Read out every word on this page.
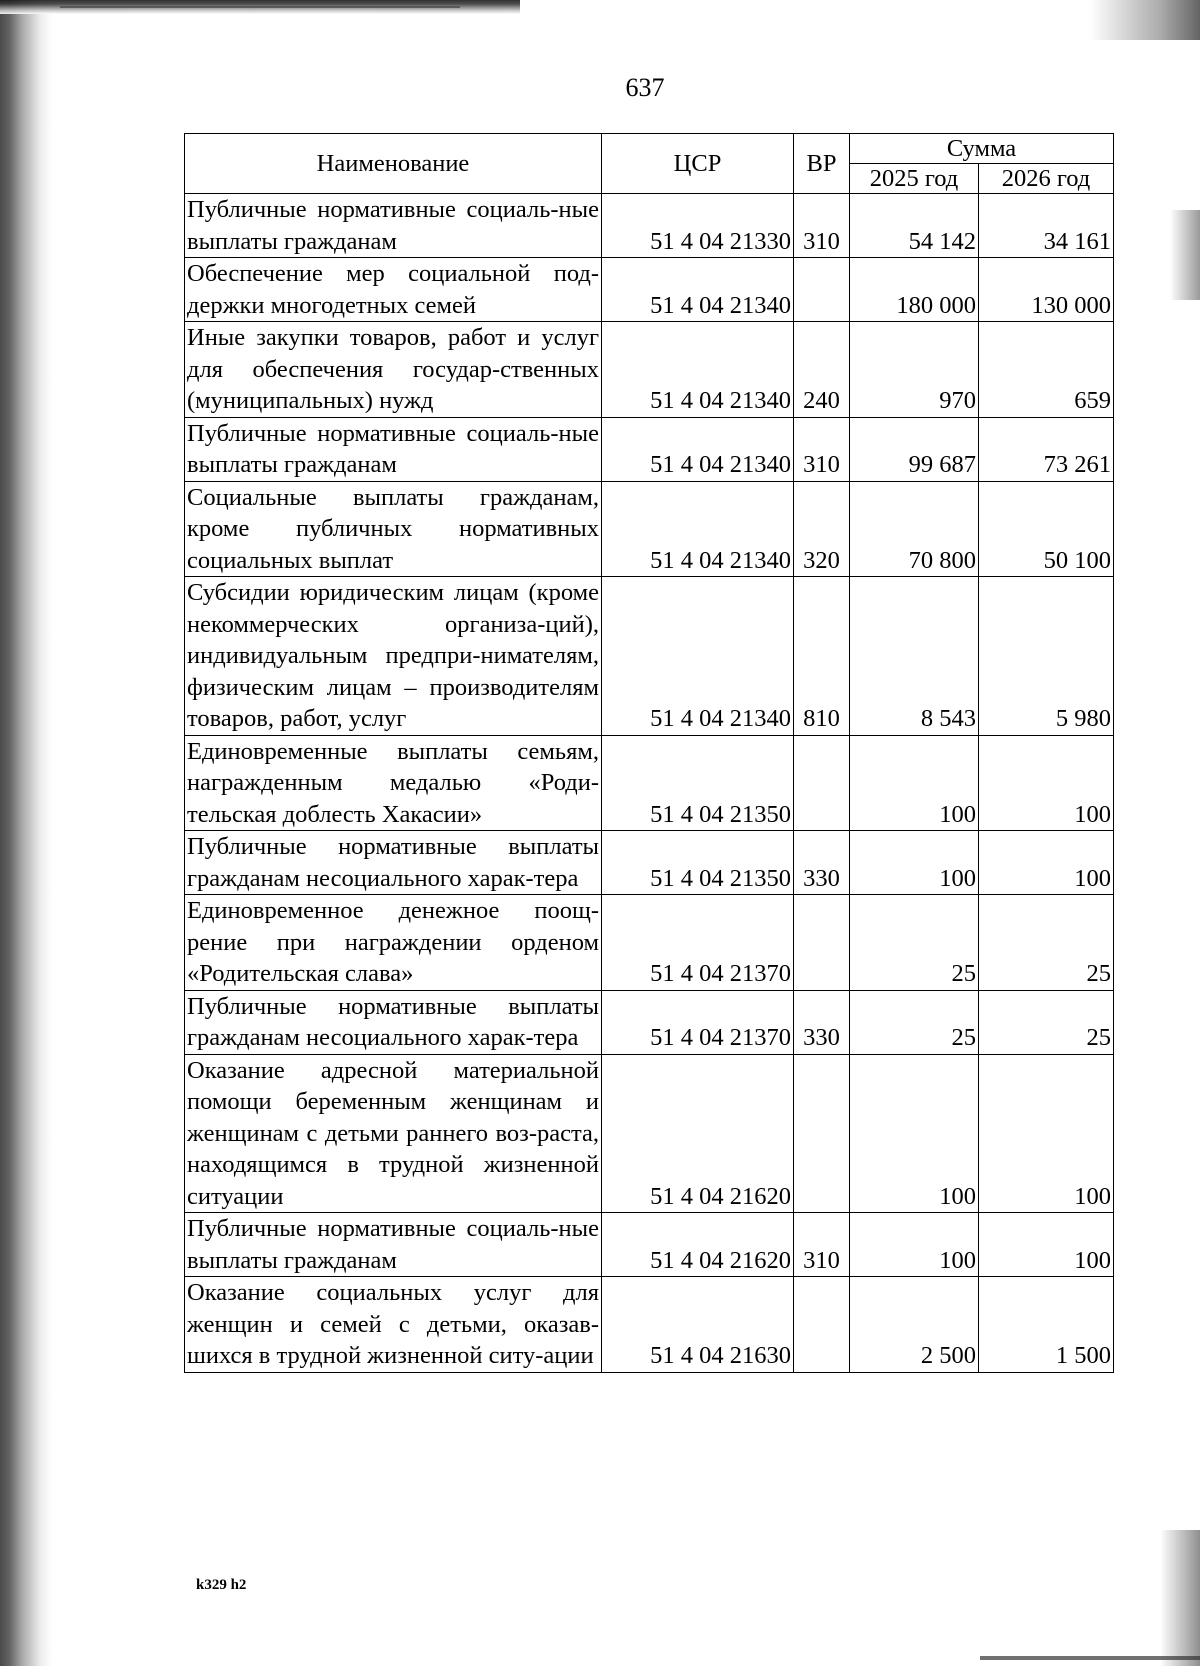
637
Наименование	ЦСР	ВР	Сумма	
			2025 год	2026 год
Публичные нормативные социаль-ные выплаты гражданам	51 4 04 21330	310	54 142	34 161
Обеспечение мер социальной под-держки многодетных семей	51 4 04 21340		180 000	130 000
Иные закупки товаров, работ и услуг для обеспечения государ-ственных (муниципальных) нужд	51 4 04 21340	240	970	659
Публичные нормативные социаль-ные выплаты гражданам	51 4 04 21340	310	99 687	73 261
Социальные выплаты гражданам, кроме публичных нормативных социальных выплат	51 4 04 21340	320	70 800	50 100
Субсидии юридическим лицам (кроме некоммерческих организа-ций), индивидуальным предпри-нимателям, физическим лицам – производителям товаров, работ, услуг	51 4 04 21340	810	8 543	5 980
Единовременные выплаты семьям, награжденным медалью «Роди-тельская доблесть Хакасии»	51 4 04 21350		100	100
Публичные нормативные выплаты гражданам несоциального харак-тера	51 4 04 21350	330	100	100
Единовременное денежное поощ-рение при награждении орденом «Родительская слава»	51 4 04 21370		25	25
Публичные нормативные выплаты гражданам несоциального харак-тера	51 4 04 21370	330	25	25
Оказание адресной материальной помощи беременным женщинам и женщинам с детьми раннего воз-раста, находящимся в трудной жизненной ситуации	51 4 04 21620		100	100
Публичные нормативные социаль-ные выплаты гражданам	51 4 04 21620	310	100	100
Оказание социальных услуг для женщин и семей с детьми, оказав-шихся в трудной жизненной ситу-ации	51 4 04 21630		2 500	1 500
k329 h2
